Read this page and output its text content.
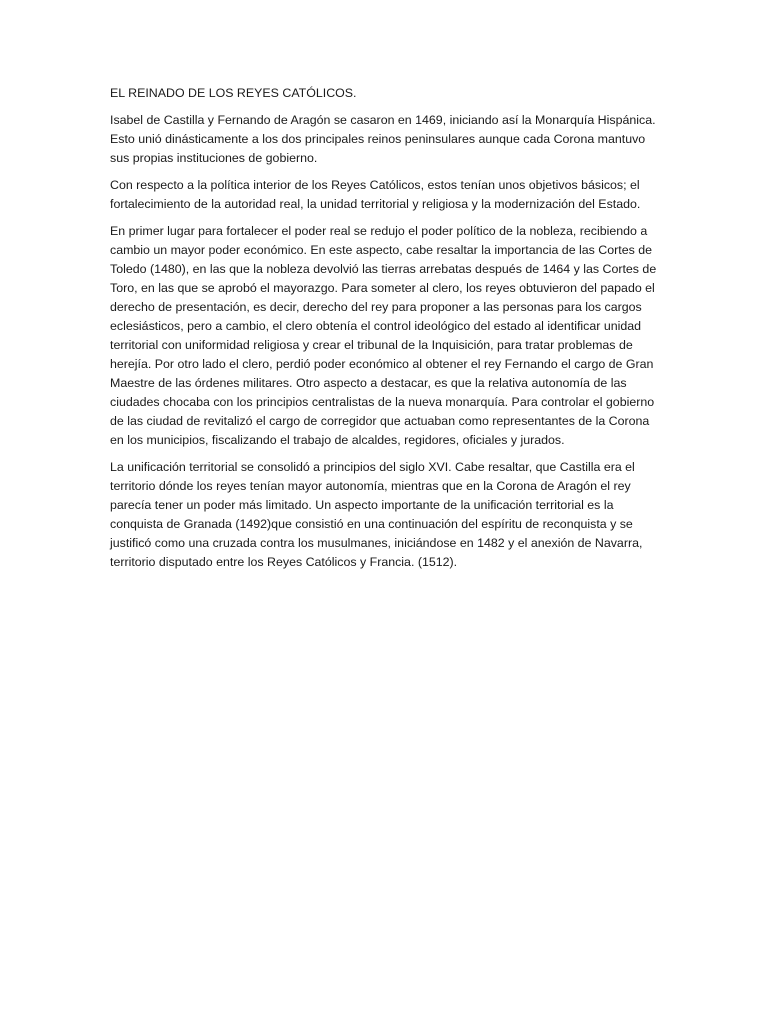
EL REINADO DE LOS REYES CATÓLICOS.

Isabel de Castilla y Fernando de Aragón se casaron en 1469, iniciando así la Monarquía Hispánica. Esto unió dinásticamente a los dos principales reinos peninsulares aunque cada Corona mantuvo sus propias instituciones de gobierno.

Con respecto a la política interior de los Reyes Católicos, estos tenían unos objetivos básicos; el fortalecimiento de la autoridad real, la unidad territorial y religiosa y la modernización del Estado.

En primer lugar para fortalecer el poder real se redujo el poder político de la nobleza, recibiendo a cambio un mayor poder económico. En este aspecto, cabe resaltar la importancia de las Cortes de Toledo (1480), en las que la nobleza devolvió las tierras arrebatas después de 1464 y las Cortes de Toro, en las que se aprobó el mayorazgo. Para someter al clero, los reyes obtuvieron del papado el derecho de presentación, es decir, derecho del rey para proponer a las personas para los cargos eclesiásticos, pero a cambio, el clero obtenía el control ideológico del estado al identificar unidad territorial con uniformidad religiosa y crear el tribunal de la Inquisición, para tratar problemas de herejía. Por otro lado el clero, perdió poder económico al obtener el rey Fernando el cargo de Gran Maestre de las órdenes militares. Otro aspecto a destacar, es que la relativa autonomía de las ciudades chocaba con los principios centralistas de la nueva monarquía. Para controlar el gobierno de las ciudad de revitalizó el cargo de corregidor que actuaban como representantes de la Corona en los municipios, fiscalizando el trabajo de alcaldes, regidores, oficiales y jurados.

La unificación territorial se consolidó a principios del siglo XVI. Cabe resaltar, que Castilla era el territorio dónde los reyes tenían mayor autonomía, mientras que en la Corona de Aragón el rey parecía tener un poder más limitado. Un aspecto importante de la unificación territorial es la conquista de Granada (1492)que consistió en una continuación del espíritu de reconquista y se justificó como una cruzada contra los musulmanes, iniciándose en 1482 y el anexión de Navarra, territorio disputado entre los Reyes Católicos y Francia. (1512).
